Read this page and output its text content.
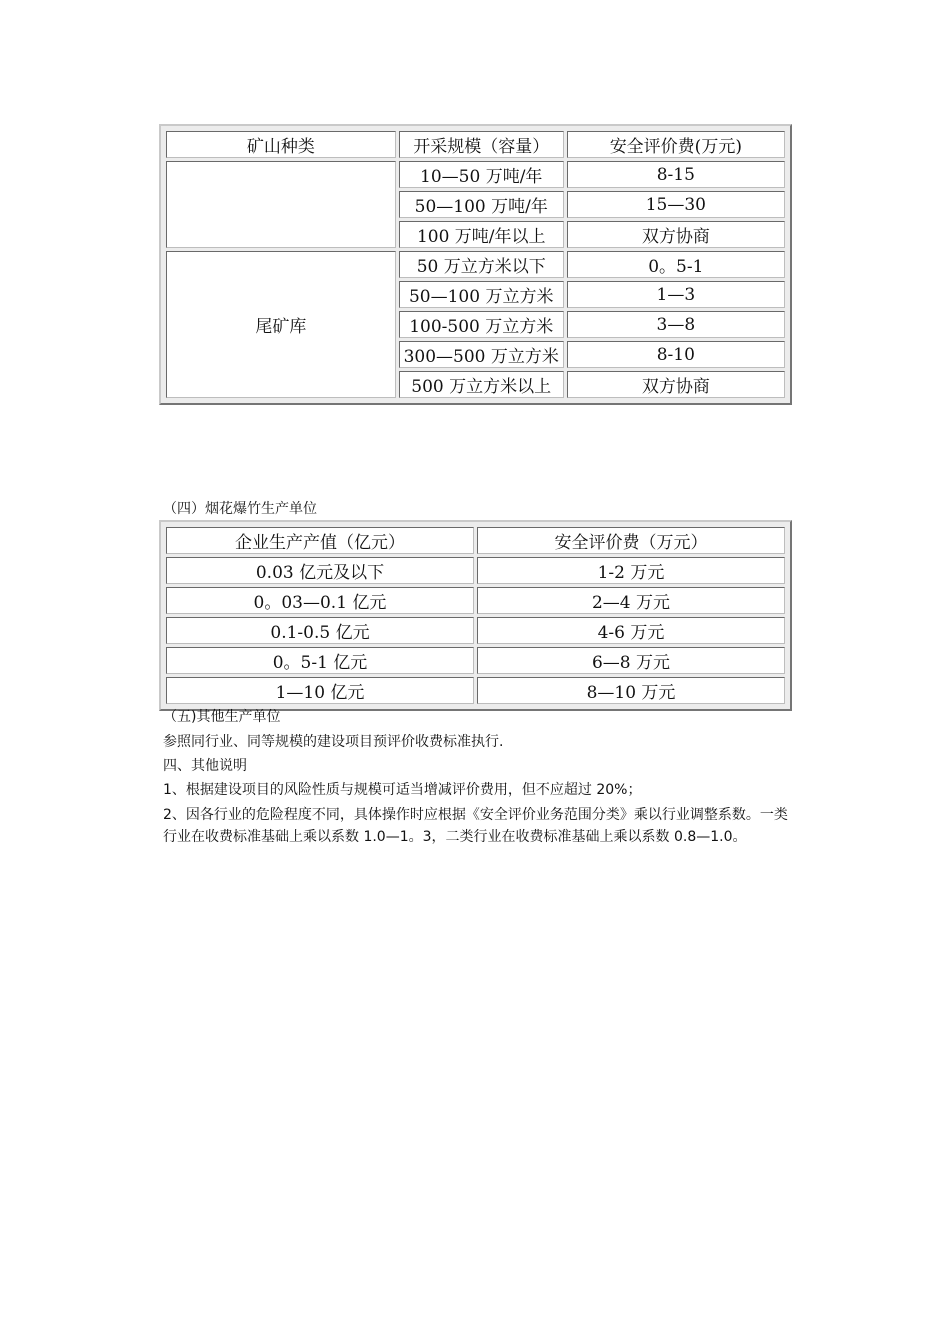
矿山种类	开采规模（容量）	安全评价费(万元)
	10—50 万吨/年	8-15
	50—100 万吨/年	15—30
	100 万吨/年以上	双方协商
尾矿库	50 万立方米以下	0。5-1
	50—100 万立方米	1—3
	100-500 万立方米	3—8
	300—500 万立方米	8-10
	500 万立方米以上	双方协商
（四）烟花爆竹生产单位
企业生产产值（亿元）	安全评价费（万元）
0.03 亿元及以下	1-2 万元
0。03—0.1 亿元	2—4 万元
0.1-0.5 亿元	4-6 万元
0。5-1 亿元	6—8 万元
1—10 亿元	8—10 万元
（五)其他生产单位
参照同行业、同等规模的建设项目预评价收费标准执行.
四、其他说明
1、根据建设项目的风险性质与规模可适当增减评价费用，但不应超过 20%；
2、因各行业的危险程度不同，具体操作时应根据《安全评价业务范围分类》乘以行业调整系数。一类行业在收费标准基础上乘以系数 1.0—1。3，二类行业在收费标准基础上乘以系数 0.8—1.0。
